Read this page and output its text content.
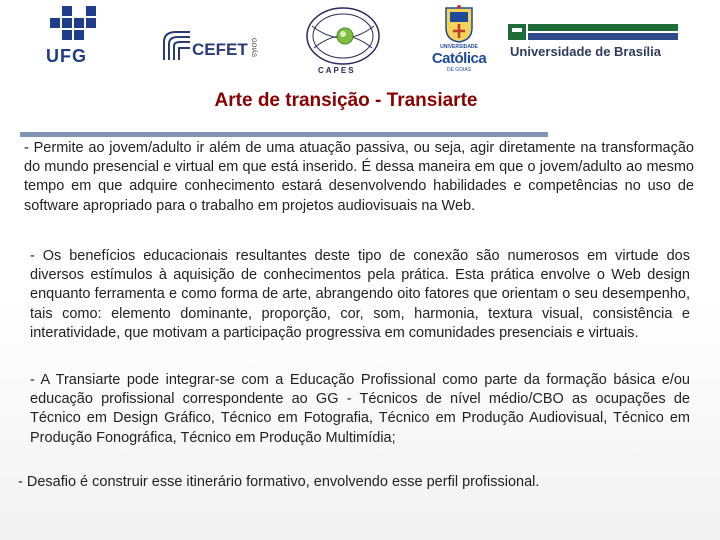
UFG	CEFET GOIÁS
CAPES
UNIVERSIDADE
Católica
DE GOIÁS
Universidade de Brasília
Arte de transição - Transiarte
- Permite ao jovem/adulto ir além de uma atuação passiva, ou seja, agir diretamente na transformação do mundo presencial e virtual em que está inserido. É dessa maneira em que o jovem/adulto ao mesmo tempo em que adquire conhecimento estará desenvolvendo habilidades e competências no uso de software apropriado para o trabalho em projetos audiovisuais na Web.
- Os benefícios educacionais resultantes deste tipo de conexão são numerosos em virtude dos diversos estímulos à aquisição de conhecimentos pela prática. Esta prática envolve o Web design enquanto ferramenta e como forma de arte, abrangendo oito fatores que orientam o seu desempenho, tais como: elemento dominante, proporção, cor, som, harmonia, textura visual, consistência e interatividade, que motivam a participação progressiva em comunidades presenciais e virtuais.
- A Transiarte pode integrar-se com a Educação Profissional como parte da formação básica e/ou educação profissional correspondente ao GG - Técnicos de nível médio/CBO as ocupações de Técnico em Design Gráfico, Técnico em Fotografia, Técnico em Produção Audiovisual, Técnico em Produção Fonográfica, Técnico em Produção Multimídia;
- Desafio é construir esse itinerário formativo, envolvendo esse perfil profissional.
